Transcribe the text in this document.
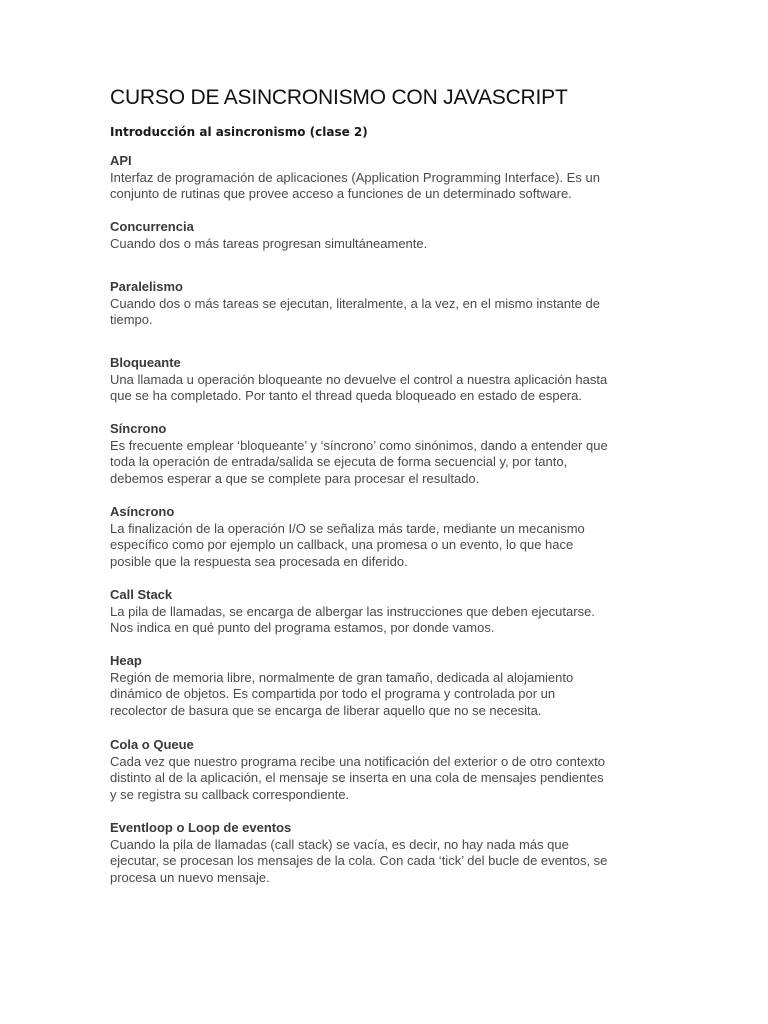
CURSO DE ASINCRONISMO CON JAVASCRIPT
Introducción al asincronismo (clase 2)
API

Interfaz de programación de aplicaciones (Application Programming Interface). Es un
conjunto de rutinas que provee acceso a funciones de un determinado software.

Concurrencia

Cuando dos o más tareas progresan simultáneamente.

Paralelismo

Cuando dos o más tareas se ejecutan, literalmente, a la vez, en el mismo instante de
tiempo.

Bloqueante

Una llamada u operación bloqueante no devuelve el control a nuestra aplicación hasta
que se ha completado. Por tanto el thread queda bloqueado en estado de espera.

Síncrono

Es frecuente emplear ‘bloqueante’ y ‘síncrono’ como sinónimos, dando a entender que
toda la operación de entrada/salida se ejecuta de forma secuencial y, por tanto,
debemos esperar a que se complete para procesar el resultado.

Asíncrono

La finalización de la operación I/O se señaliza más tarde, mediante un mecanismo
específico como por ejemplo un callback, una promesa o un evento, lo que hace
posible que la respuesta sea procesada en diferido.

Call Stack

La pila de llamadas, se encarga de albergar las instrucciones que deben ejecutarse.
Nos indica en qué punto del programa estamos, por donde vamos.

Heap

Región de memoria libre, normalmente de gran tamaño, dedicada al alojamiento
dinámico de objetos. Es compartida por todo el programa y controlada por un
recolector de basura que se encarga de liberar aquello que no se necesita.

Cola o Queue

Cada vez que nuestro programa recibe una notificación del exterior o de otro contexto
distinto al de la aplicación, el mensaje se inserta en una cola de mensajes pendientes
y se registra su callback correspondiente.

Eventloop o Loop de eventos

Cuando la pila de llamadas (call stack) se vacía, es decir, no hay nada más que
ejecutar, se procesan los mensajes de la cola. Con cada ‘tick’ del bucle de eventos, se
procesa un nuevo mensaje.
